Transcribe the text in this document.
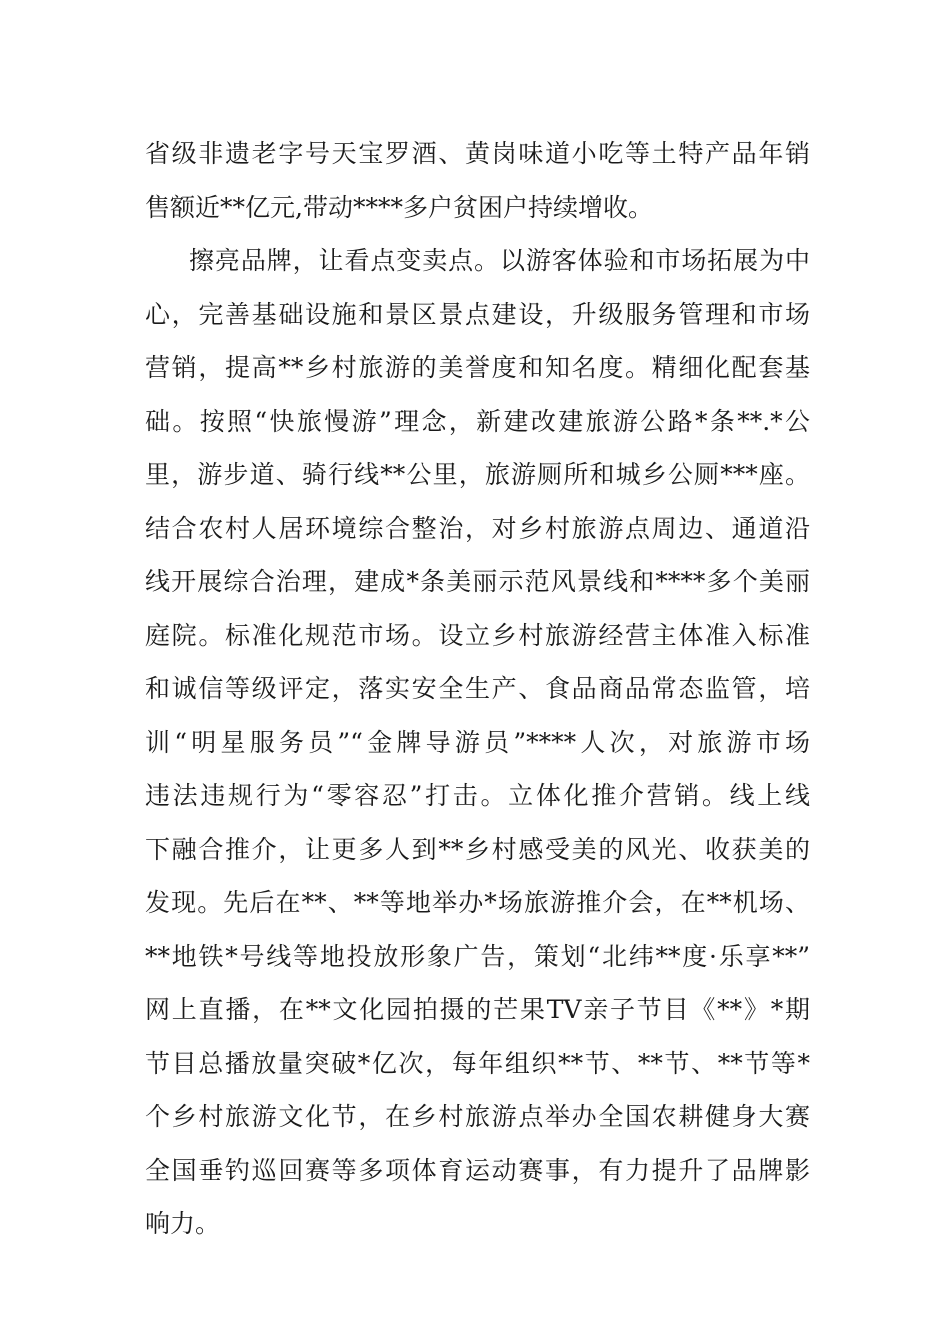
省级非遗老字号天宝罗酒、黄岗味道小吃等土特产品年销
售额近**亿元,带动****多户贫困户持续增收。
擦亮品牌，让看点变卖点。以游客体验和市场拓展为中
心，完善基础设施和景区景点建设，升级服务管理和市场
营销，提高**乡村旅游的美誉度和知名度。精细化配套基
础。按照“快旅慢游”理念，新建改建旅游公路*条**.*公
里，游步道、骑行线**公里，旅游厕所和城乡公厕***座。
结合农村人居环境综合整治，对乡村旅游点周边、通道沿
线开展综合治理，建成*条美丽示范风景线和****多个美丽
庭院。标准化规范市场。设立乡村旅游经营主体准入标准
和诚信等级评定，落实安全生产、食品商品常态监管，培
训“明星服务员”“金牌导游员”****人次，对旅游市场
违法违规行为“零容忍”打击。立体化推介营销。线上线
下融合推介，让更多人到**乡村感受美的风光、收获美的
发现。先后在**、**等地举办*场旅游推介会，在**机场、
**地铁*号线等地投放形象广告，策划“北纬**度·乐享**”
网上直播，在**文化园拍摄的芒果TV亲子节目《**》*期
节目总播放量突破*亿次，每年组织**节、**节、**节等*
个乡村旅游文化节，在乡村旅游点举办全国农耕健身大赛
全国垂钓巡回赛等多项体育运动赛事，有力提升了品牌影
响力。
